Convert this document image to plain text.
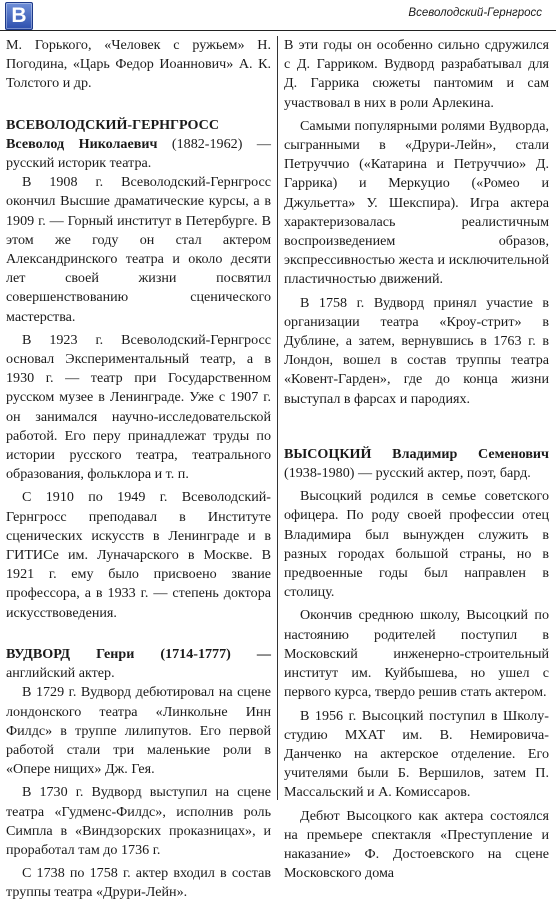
В	Всеволодский-Гернгросс

М. Горького, «Человек с ружьем» Н. Погодина, «Царь Федор Иоаннович» А. К. Толстого и др.

ВСЕВОЛОДСКИЙ-ГЕРНГРОСС Всеволод Николаевич (1882-1962) — русский историк театра.

В 1908 г. Всеволодский-Гернгросс окончил Высшие драматические курсы, а в 1909 г. — Горный институт в Петербурге. В этом же году он стал актером Александринского театра и около десяти лет своей жизни посвятил совершенствованию сценического мастерства.

В 1923 г. Всеволодский-Гернгросс основал Экспериментальный театр, а в 1930 г. — театр при Государственном русском музее в Ленинграде. Уже с 1907 г. он занимался научно-исследовательской работой. Его перу принадлежат труды по истории русского театра, театрального образования, фольклора и т. п.

С 1910 по 1949 г. Всеволодский-Гернгросс преподавал в Институте сценических искусств в Ленинграде и в ГИТИСе им. Луначарского в Москве. В 1921 г. ему было присвоено звание профессора, а в 1933 г. — степень доктора искусствоведения.

ВУДВОРД Генри (1714-1777) — английский актер.

В 1729 г. Вудворд дебютировал на сцене лондонского театра «Линкольне Инн Филдс» в труппе лилипутов. Его первой работой стали три маленькие роли в «Опере нищих» Дж. Гея.

В 1730 г. Вудворд выступил на сцене театра «Гудменс-Филдс», исполнив роль Симпла в «Виндзорских проказницах», и проработал там до 1736 г.

С 1738 по 1758 г. актер входил в состав труппы театра «Друри-Лейн».

В эти годы он особенно сильно сдружился с Д. Гарриком. Вудворд разрабатывал для Д. Гаррика сюжеты пантомим и сам участвовал в них в роли Арлекина.

Самыми популярными ролями Вудворда, сыгранными в «Друри-Лейн», стали Петруччио («Катарина и Петруччио» Д. Гаррика) и Меркуцио («Ромео и Джульетта» У. Шекспира). Игра актера характеризовалась реалистичным воспроизведением образов, экспрессивностью жеста и исключительной пластичностью движений.

В 1758 г. Вудворд принял участие в организации театра «Кроу-стрит» в Дублине, а затем, вернувшись в 1763 г. в Лондон, вошел в состав труппы театра «Ковент-Гарден», где до конца жизни выступал в фарсах и пародиях.

ВЫСОЦКИЙ Владимир Семенович (1938-1980) — русский актер, поэт, бард.

Высоцкий родился в семье советского офицера. По роду своей профессии отец Владимира был вынужден служить в разных городах большой страны, но в предвоенные годы был направлен в столицу.

Окончив среднюю школу, Высоцкий по настоянию родителей поступил в Московский инженерно-строительный институт им. Куйбышева, но ушел с первого курса, твердо решив стать актером.

В 1956 г. Высоцкий поступил в Школу-студию МХАТ им. В. Немировича-Данченко на актерское отделение. Его учителями были Б. Вершилов, затем П. Массальский и А. Комиссаров.

Дебют Высоцкого как актера состоялся на премьере спектакля «Преступление и наказание» Ф. Достоевского на сцене Московского дома
